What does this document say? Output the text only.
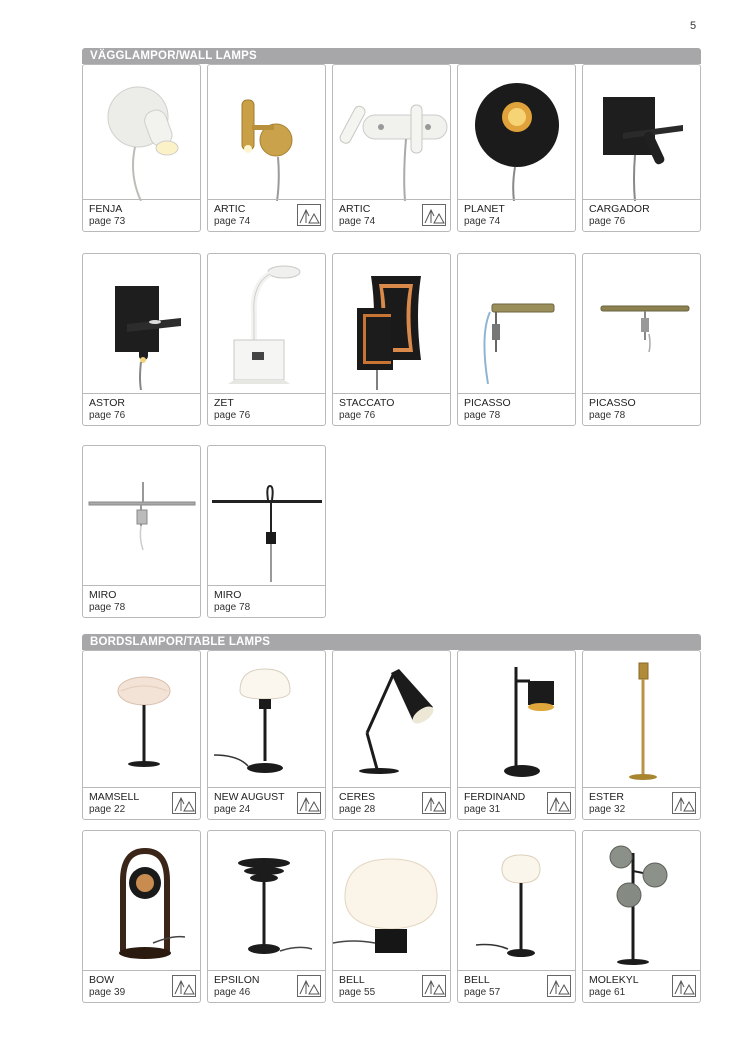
5
VÄGGLAMPOR/WALL LAMPS
FENJA
page 73
ARTIC
page 74
ARTIC
page 74
PLANET
page 74
CARGADOR
page 76
ASTOR
page 76
ZET
page 76
STACCATO
page 76
PICASSO
page 78
PICASSO
page 78
MIRO
page 78
MIRO
page 78
BORDSLAMPOR/TABLE LAMPS
MAMSELL
page 22
NEW AUGUST
page 24
CERES
page 28
FERDINAND
page 31
ESTER
page 32
BOW
page 39
EPSILON
page 46
BELL
page 55
BELL
page 57
MOLEKYL
page 61
